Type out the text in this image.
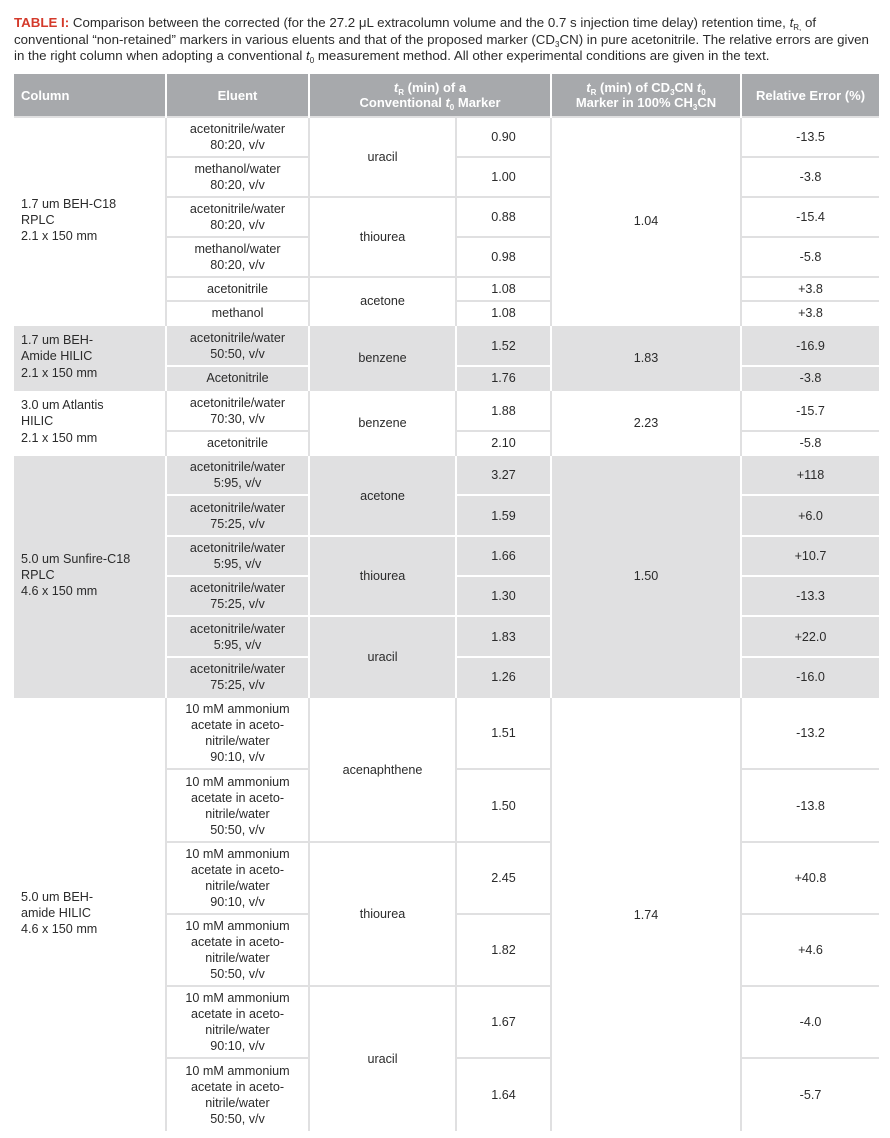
TABLE I: Comparison between the corrected (for the 27.2 μL extracolumn volume and the 0.7 s injection time delay) retention time, $t_{R,}$ of conventional “non-retained” markers in various eluents and that of the proposed marker $(CD_3CN)$ in pure acetonitrile. The relative errors are given in the right column when adopting a conventional $t_0$ measurement method. All other experimental conditions are given in the text.
Column	Eluent	$t_R$ (min) of a
Conventional $t_0$ Marker		$t_R$ (min) of $CD_3CN$ $t_0$
Marker in 100% $CH_3CN$	Relative Error (%)

1.7 um BEH-C18
RPLC
2.1 x 150 mm	acetonitrile/water
80:20, v/v	uracil	0.90	1.04	-13.5

	methanol/water
80:20, v/v		1.00		-3.8

	acetonitrile/water
80:20, v/v	thiourea	0.88		-15.4

	methanol/water
80:20, v/v		0.98		-5.8

	acetonitrile	acetone	1.08		+3.8

	methanol		1.08		+3.8

1.7 um BEH-
Amide HILIC
2.1 x 150 mm	acetonitrile/water
50:50, v/v	benzene	1.52	1.83	-16.9

	Acetonitrile		1.76		-3.8

3.0 um Atlantis
HILIC
2.1 x 150 mm	acetonitrile/water
70:30, v/v	benzene	1.88	2.23	-15.7

	acetonitrile		2.10		-5.8

5.0 um Sunfire-C18
RPLC
4.6 x 150 mm	acetonitrile/water
5:95, v/v	acetone	3.27	1.50	+118

	acetonitrile/water
75:25, v/v		1.59		+6.0

	acetonitrile/water
5:95, v/v	thiourea	1.66		+10.7

	acetonitrile/water
75:25, v/v		1.30		-13.3

	acetonitrile/water
5:95, v/v	uracil	1.83		+22.0

	acetonitrile/water
75:25, v/v		1.26		-16.0

5.0 um BEH-
amide HILIC
4.6 x 150 mm	10 mM ammonium
acetate in aceto-
nitrile/water
90:10, v/v	acenaphthene	1.51	1.74	-13.2

	10 mM ammonium
acetate in aceto-
nitrile/water
50:50, v/v		1.50		-13.8

	10 mM ammonium
acetate in aceto-
nitrile/water
90:10, v/v	thiourea	2.45		+40.8

	10 mM ammonium
acetate in aceto-
nitrile/water
50:50, v/v		1.82		+4.6

	10 mM ammonium
acetate in aceto-
nitrile/water
90:10, v/v	uracil	1.67		-4.0

	10 mM ammonium
acetate in aceto-
nitrile/water
50:50, v/v		1.64		-5.7
